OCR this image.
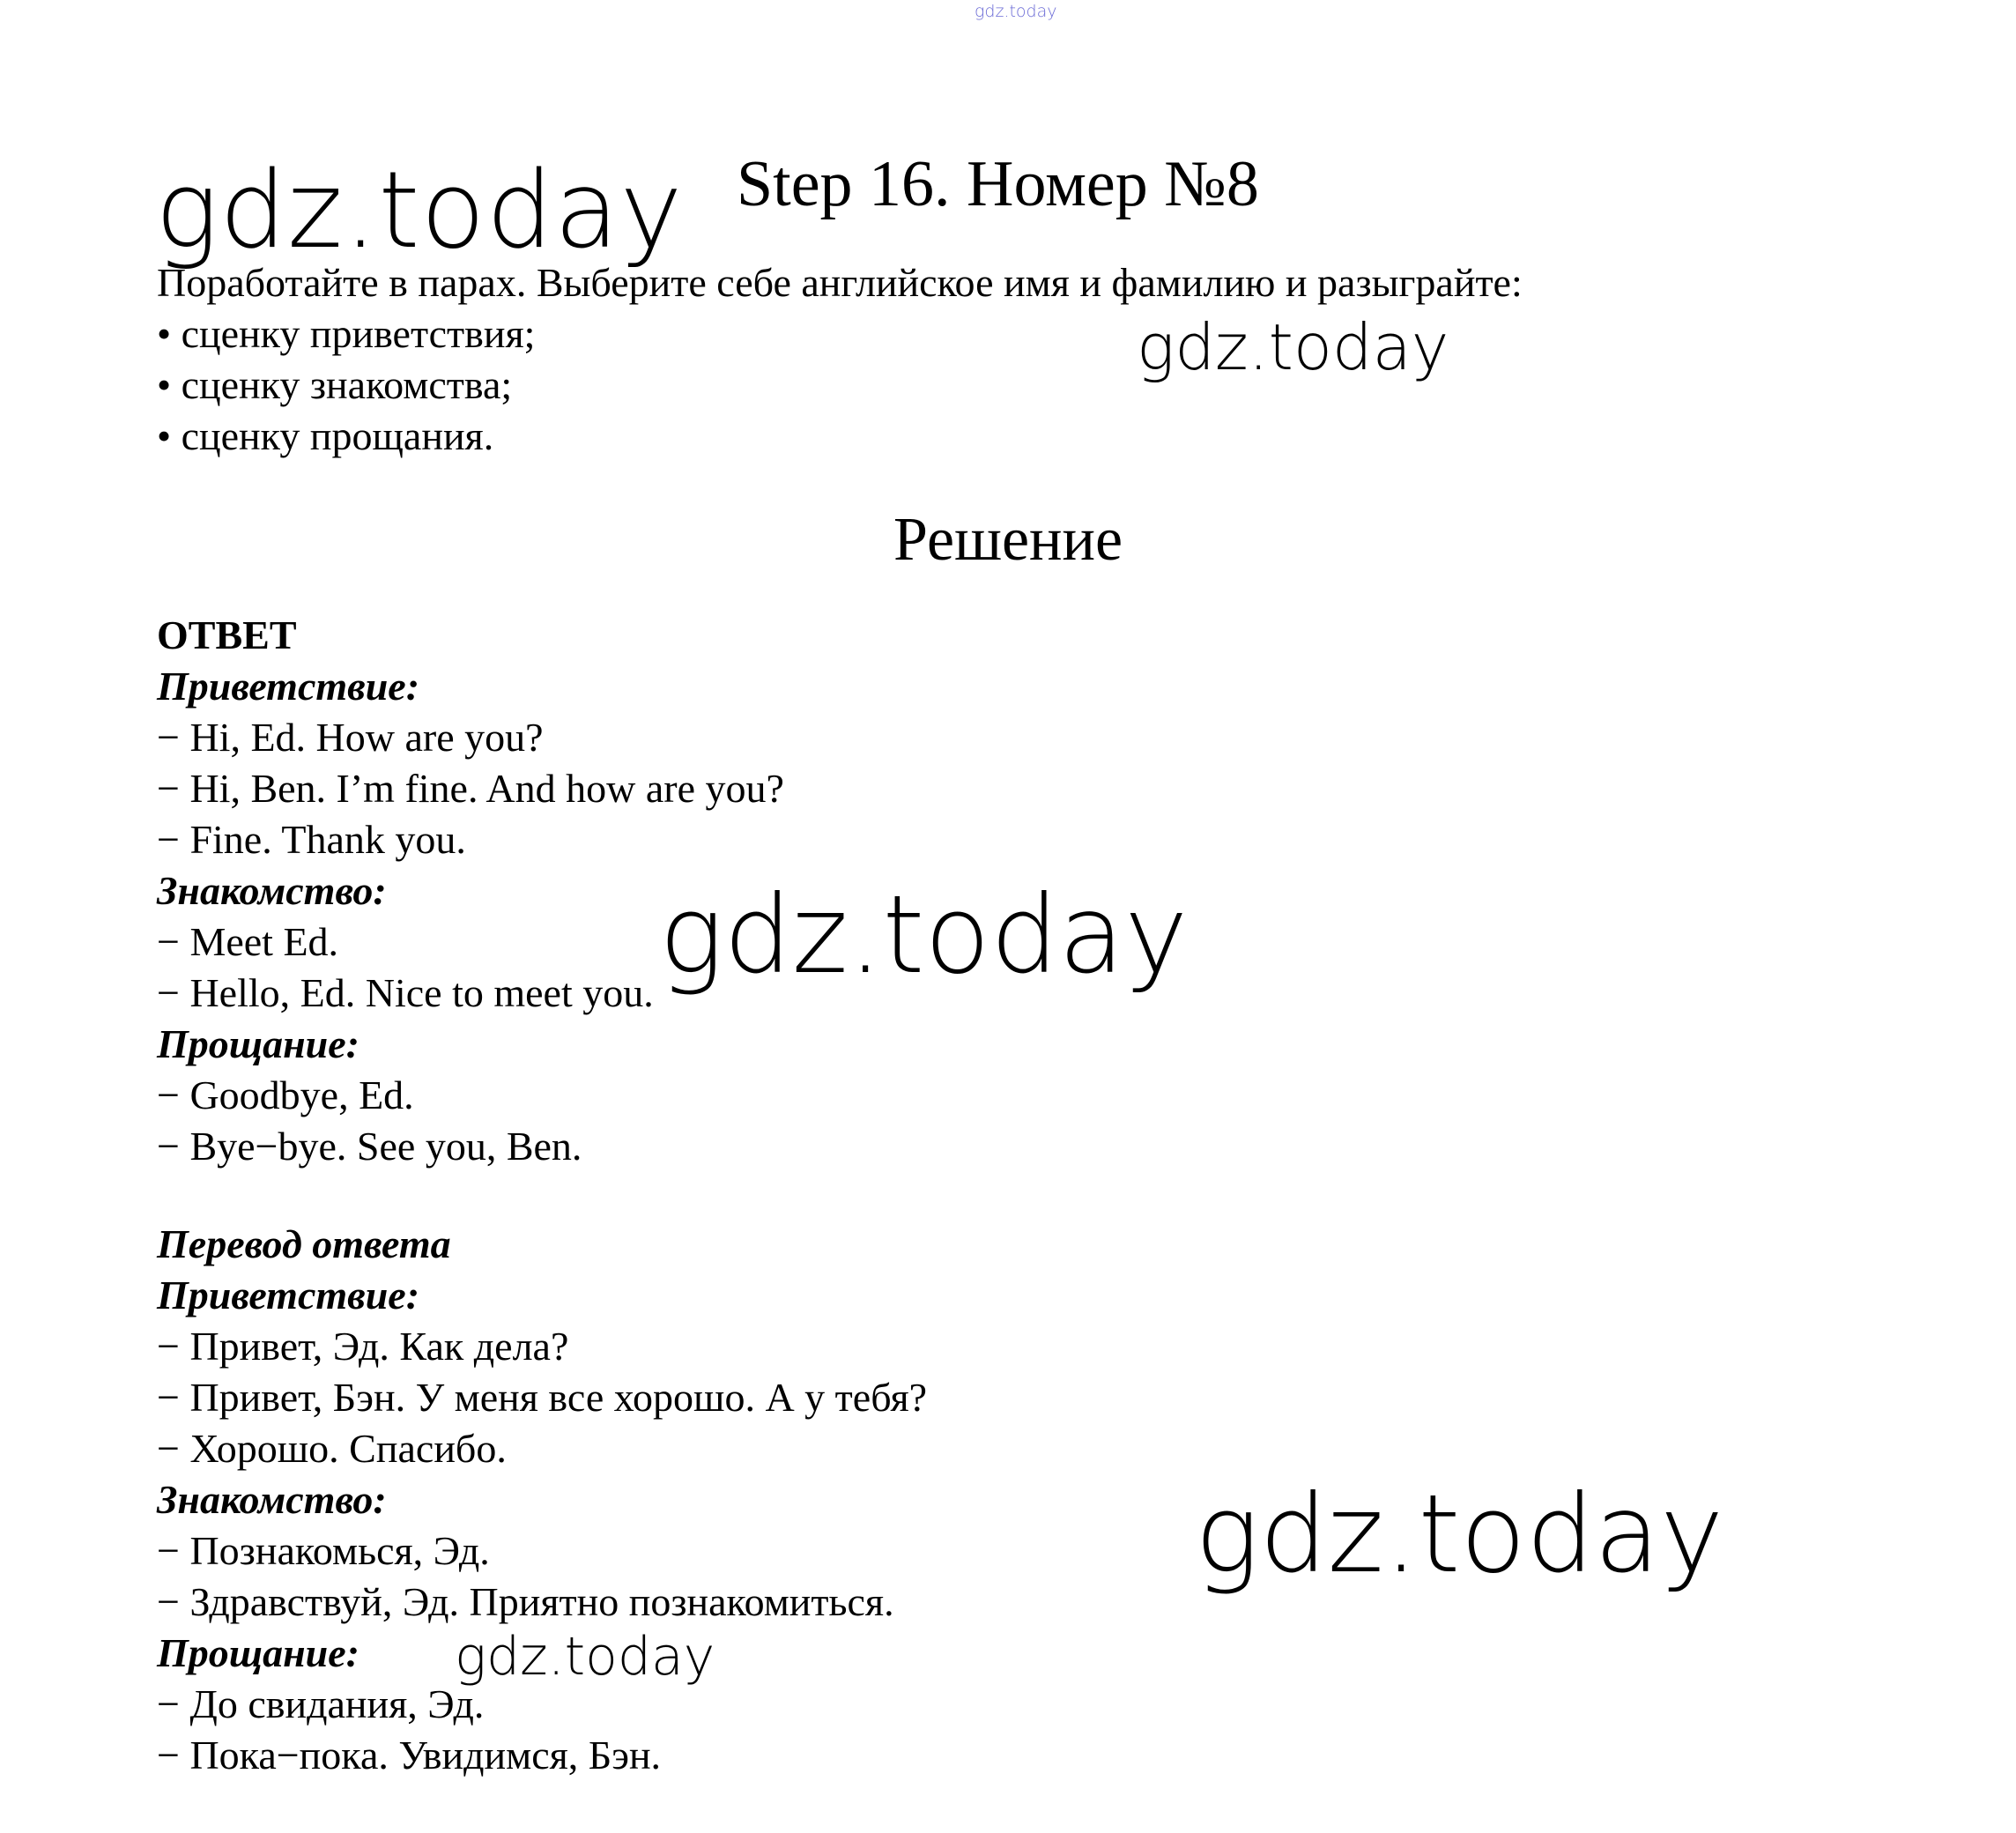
gdz.today
gdz.today
gdz.today
gdz.today
gdz.today
gdz.today
Step 16. Номер №8
Поработайте в парах. Выберите себе английское имя и фамилию и разыграйте:
• сценку приветствия;
• сценку знакомства;
• сценку прощания.
Решение
ОТВЕТ
Приветствие:
− Hi, Ed. How are you?
− Hi, Ben. I’m fine. And how are you?
− Fine. Thank you.
Знакомство:
− Meet Ed.
− Hello, Ed. Nice to meet you.
Прощание:
− Goodbye, Ed.
− Bye−bye. See you, Ben.
Перевод ответа
Приветствие:
− Привет, Эд. Как дела?
− Привет, Бэн. У меня все хорошо. А у тебя?
− Хорошо. Спасибо.
Знакомство:
− Познакомься, Эд.
− Здравствуй, Эд. Приятно познакомиться.
Прощание:
− До свидания, Эд.
− Пока−пока. Увидимся, Бэн.
